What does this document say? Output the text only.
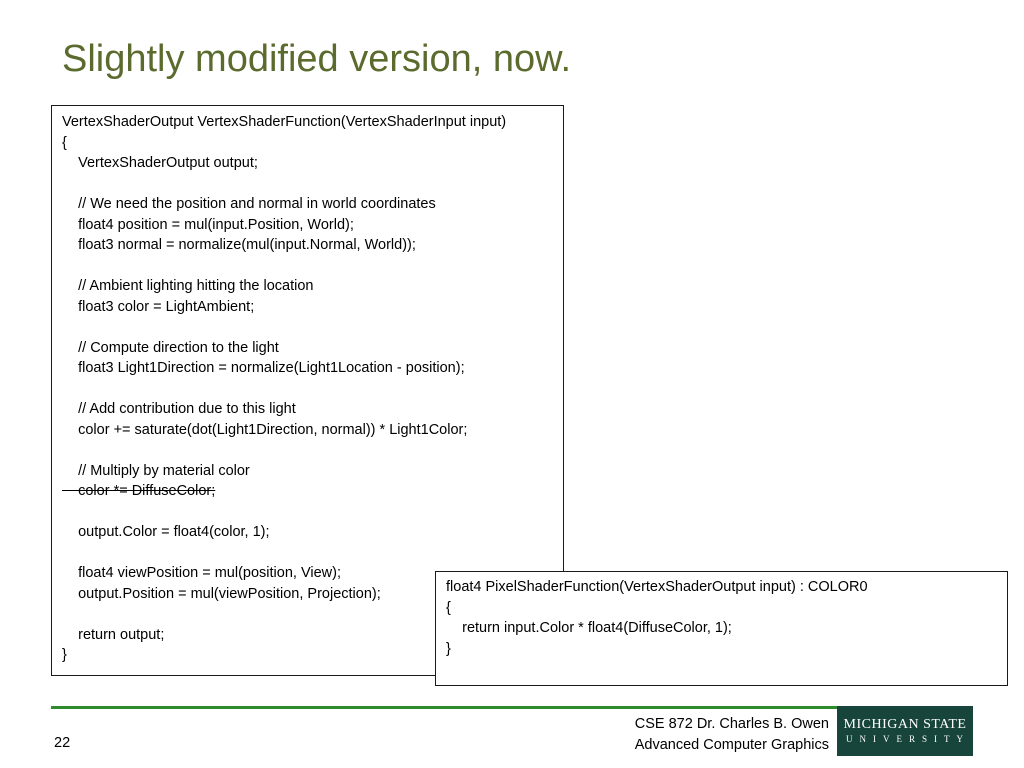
Slightly modified version, now.
VertexShaderOutput VertexShaderFunction(VertexShaderInput input)
{
VertexShaderOutput output;
// We need the position and normal in world coordinates
float4 position = mul(input.Position, World);
float3 normal = normalize(mul(input.Normal, World));
// Ambient lighting hitting the location
float3 color = LightAmbient;
// Compute direction to the light
float3 Light1Direction = normalize(Light1Location - position);
// Add contribution due to this light
color += saturate(dot(Light1Direction, normal)) * Light1Color;
// Multiply by material color
color *= DiffuseColor;
output.Color = float4(color, 1);
float4 viewPosition = mul(position, View);
output.Position = mul(viewPosition, Projection);
return output;
}
float4 PixelShaderFunction(VertexShaderOutput input) : COLOR0
{
return input.Color * float4(DiffuseColor, 1);
}
22
CSE 872 Dr. Charles B. Owen
Advanced Computer Graphics
MICHIGAN STATE
UNIVERSITY
